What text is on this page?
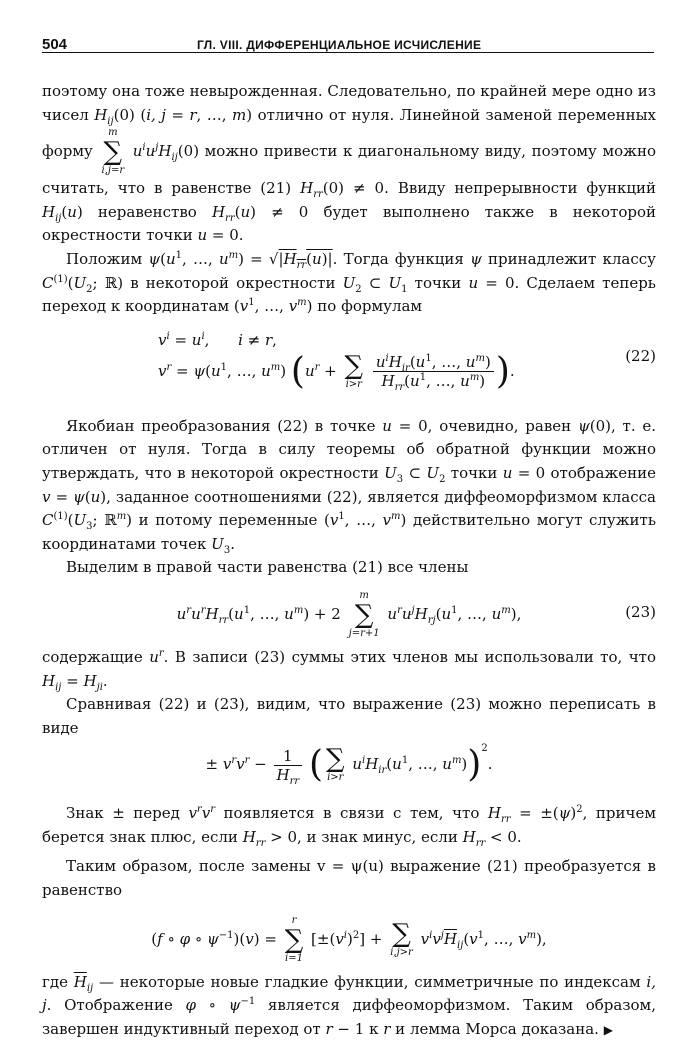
504	ГЛ. VIII. ДИФФЕРЕНЦИАЛЬНОЕ ИСЧИСЛЕНИЕ

поэтому она тоже невырожденная. Следовательно, по крайней мере одно из чисел $H_{ij}(0)$ (i, j = r, …, m) отлично от нуля. Линейной заменой переменных форму
m
∑
i,j=r
$u^iu^jH_{ij}(0)$ можно привести к диагональному виду, поэтому можно считать, что в равенстве (21) $H_{rr}(0) \ne 0$. Ввиду непрерывности функций $H_{ij}(u)$ неравенство $H_{rr}(u) \ne 0$ будет выполнено также в некоторой окрестности точки u = 0.

Положим $\psi(u^1$, …, $u^m) = √|H_{rr}(u)|$. Тогда функция ψ принадлежит классу $C^{(1)}(U_2$; ℝ) в некоторой окрестности $U_2$ ⊂ $U_1$ точки u = 0. Сделаем теперь переход к координатам ($v^1$, …, $v^m$) по формулам

$v^i = u^i$,      i ≠ r,
$v^r = \psi(u^1$, …, $u^m$) ($u^r$ + ∑
i>r
$\frac{u^iH_{ir}(u^1, \dots, u^m)}{H_{rr}(u^1, \dots, u^m)}$ ).
(22)

Якобиан преобразования (22) в точке u = 0, очевидно, равен ψ(0), т. е. отличен от нуля. Тогда в силу теоремы об обратной функции можно утверждать, что в некоторой окрестности $U_3$ ⊂ $U_2$ точки u = 0 отображение v = ψ(u), заданное соотношениями (22), является диффеоморфизмом класса $C^{(1)}(U_3$; ℝ$^m$) и потому переменные ($v^1$, …, $v^m$) действительно могут служить координатами точек $U_3$.

Выделим в правой части равенства (21) все члены

$u^ru^rH_{rr}(u^1$, …, $u^m) + 2$
m
∑
j=r+1
$u^ru^jH_{rj}(u^1$, …, $u^m$),	(23)

содержащие $u^r$. В записи (23) суммы этих членов мы использовали то, что $H_{ij} = H_{ji}$.

Сравнивая (22) и (23), видим, что выражение (23) можно переписать в виде

± $v^rv^r - \frac{1}{H_{rr}}$ ( ∑
i>r
$u^iH_{ir}(u^1$, …, $u^m))^2$.

Знак ± перед $v^rv^r$ появляется в связи с тем, что $H_{rr} = \pm(\psi)^2$, причем берется знак плюс, если $H_{rr} > 0$, и знак минус, если $H_{rr} < 0$.

Таким образом, после замены v = ψ(u) выражение (21) преобразуется в равенство

(f ∘ φ ∘ $\psi^{-1})(v)$ =
r
∑
i=1
$[\pm(v^i)^2]$ + ∑
i,j>r
$v^iv^j\overline{H}_{ij}(v^1$, …, $v^m$),

где $\overline{H}_{ij}$ — некоторые новые гладкие функции, симметричные по индексам i, j. Отображение φ ∘ $\psi^{-1}$ является диффеоморфизмом. Таким образом, завершен индуктивный переход от r − 1 к r и лемма Морса доказана. ▶
